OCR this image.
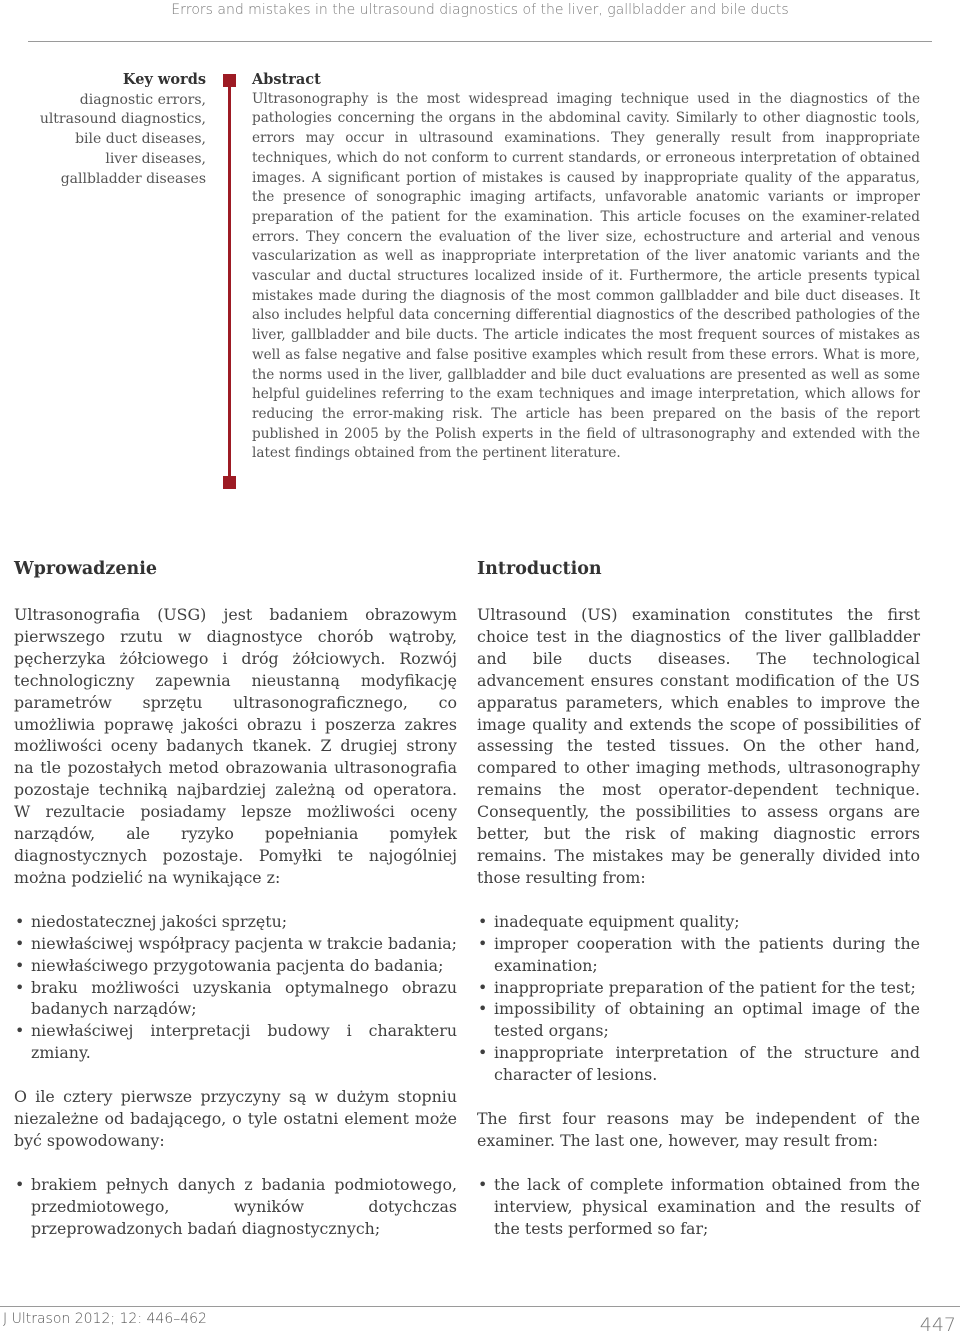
Errors and mistakes in the ultrasound diagnostics of the liver, gallbladder and bile ducts
Key words
diagnostic errors,
ultrasound diagnostics,
bile duct diseases,
liver diseases,
gallbladder diseases
Abstract

Ultrasonography is the most widespread imaging technique used in the diagnostics of the pathologies concerning the organs in the abdominal cavity. Similarly to other diagnostic tools, errors may occur in ultrasound examinations. They generally result from inappropriate techniques, which do not conform to current standards, or erroneous interpretation of obtained images. A significant portion of mistakes is caused by inappropriate quality of the apparatus, the presence of sonographic imaging artifacts, unfavorable anatomic variants or improper preparation of the patient for the examination. This article focuses on the examiner-related errors. They concern the evaluation of the liver size, echostructure and arterial and venous vascularization as well as inappropriate interpretation of the liver anatomic variants and the vascular and ductal structures localized inside of it. Furthermore, the article presents typical mistakes made during the diagnosis of the most common gallbladder and bile duct diseases. It also includes helpful data concerning differential diagnostics of the described pathologies of the liver, gallbladder and bile ducts. The article indicates the most frequent sources of mistakes as well as false negative and false positive examples which result from these errors. What is more, the norms used in the liver, gallbladder and bile duct evaluations are presented as well as some helpful guidelines referring to the exam techniques and image interpretation, which allows for reducing the error-making risk. The article has been prepared on the basis of the report published in 2005 by the Polish experts in the field of ultrasonography and extended with the latest findings obtained from the pertinent literature.

Wprowadzenie

Ultrasonografia (USG) jest badaniem obrazowym pierwszego rzutu w diagnostyce chorób wątroby, pęcherzyka żółciowego i dróg żółciowych. Rozwój technologiczny zapewnia nieustanną modyfikację parametrów sprzętu ultrasonograficznego, co umożliwia poprawę jakości obrazu i poszerza zakres możliwości oceny badanych tkanek. Z drugiej strony na tle pozostałych metod obrazowania ultrasonografia pozostaje techniką najbardziej zależną od operatora. W rezultacie posiadamy lepsze możliwości oceny narządów, ale ryzyko popełniania pomyłek diagnostycznych pozostaje. Pomyłki te najogólniej można podzielić na wynikające z:

• niedostatecznej jakości sprzętu;
• niewłaściwej współpracy pacjenta w trakcie badania;
• niewłaściwego przygotowania pacjenta do badania;
• braku możliwości uzyskania optymalnego obrazu badanych narządów;
• niewłaściwej interpretacji budowy i charakteru zmiany.

O ile cztery pierwsze przyczyny są w dużym stopniu niezależne od badającego, o tyle ostatni element może być spowodowany:

• brakiem pełnych danych z badania podmiotowego, przedmiotowego, wyników dotychczas przeprowadzonych badań diagnostycznych;
Introduction

Ultrasound (US) examination constitutes the first choice test in the diagnostics of the liver gallbladder and bile ducts diseases. The technological advancement ensures constant modification of the US apparatus parameters, which enables to improve the image quality and extends the scope of possibilities of assessing the tested tissues. On the other hand, compared to other imaging methods, ultrasonography remains the most operator-dependent technique. Consequently, the possibilities to assess organs are better, but the risk of making diagnostic errors remains. The mistakes may be generally divided into those resulting from:

• inadequate equipment quality;
• improper cooperation with the patients during the examination;
• inappropriate preparation of the patient for the test;
• impossibility of obtaining an optimal image of the tested organs;
• inappropriate interpretation of the structure and character of lesions.

The first four reasons may be independent of the examiner. The last one, however, may result from:

• the lack of complete information obtained from the interview, physical examination and the results of the tests performed so far;
J Ultrason 2012; 12: 446–462	447
